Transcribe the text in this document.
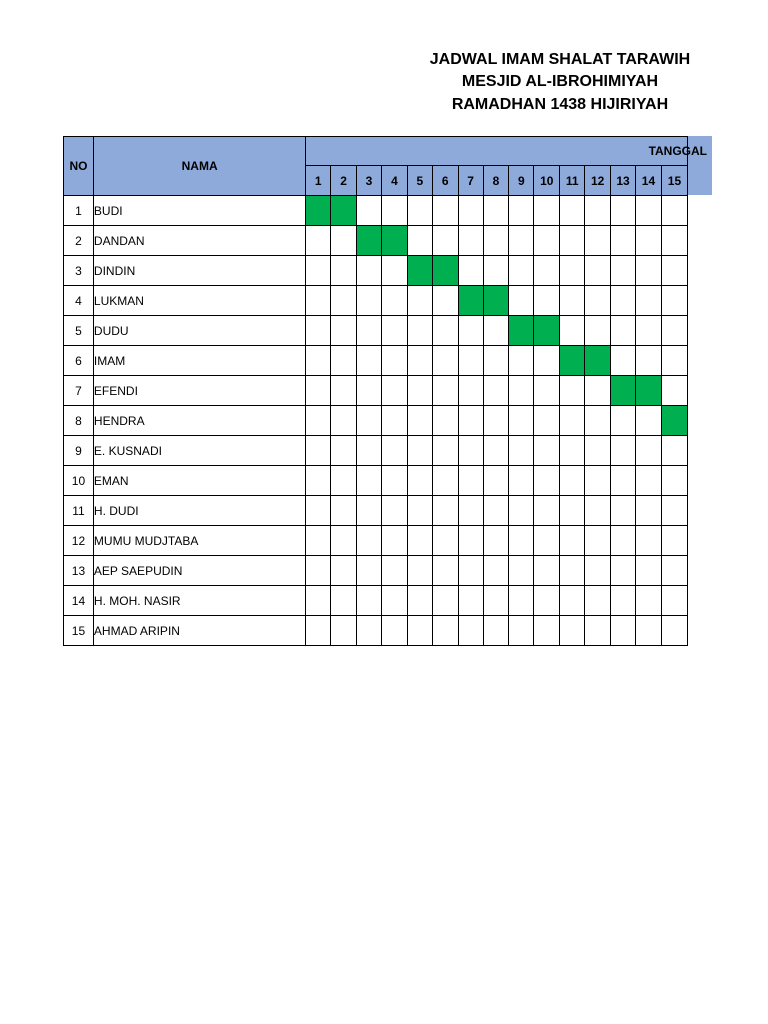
JADWAL IMAM SHALAT TARAWIH
MESJID AL-IBROHIMIYAH
RAMADHAN 1438 HIJIRIYAH
NO	NAMA	TANGGAL														
		1	2	3	4	5	6	7	8	9	10	11	12	13	14	15
1	BUDI															
2	DANDAN															
3	DINDIN															
4	LUKMAN															
5	DUDU															
6	IMAM															
7	EFENDI															
8	HENDRA															
9	E. KUSNADI															
10	EMAN															
11	H. DUDI															
12	MUMU MUDJTABA															
13	AEP SAEPUDIN															
14	H. MOH. NASIR															
15	AHMAD ARIPIN															
